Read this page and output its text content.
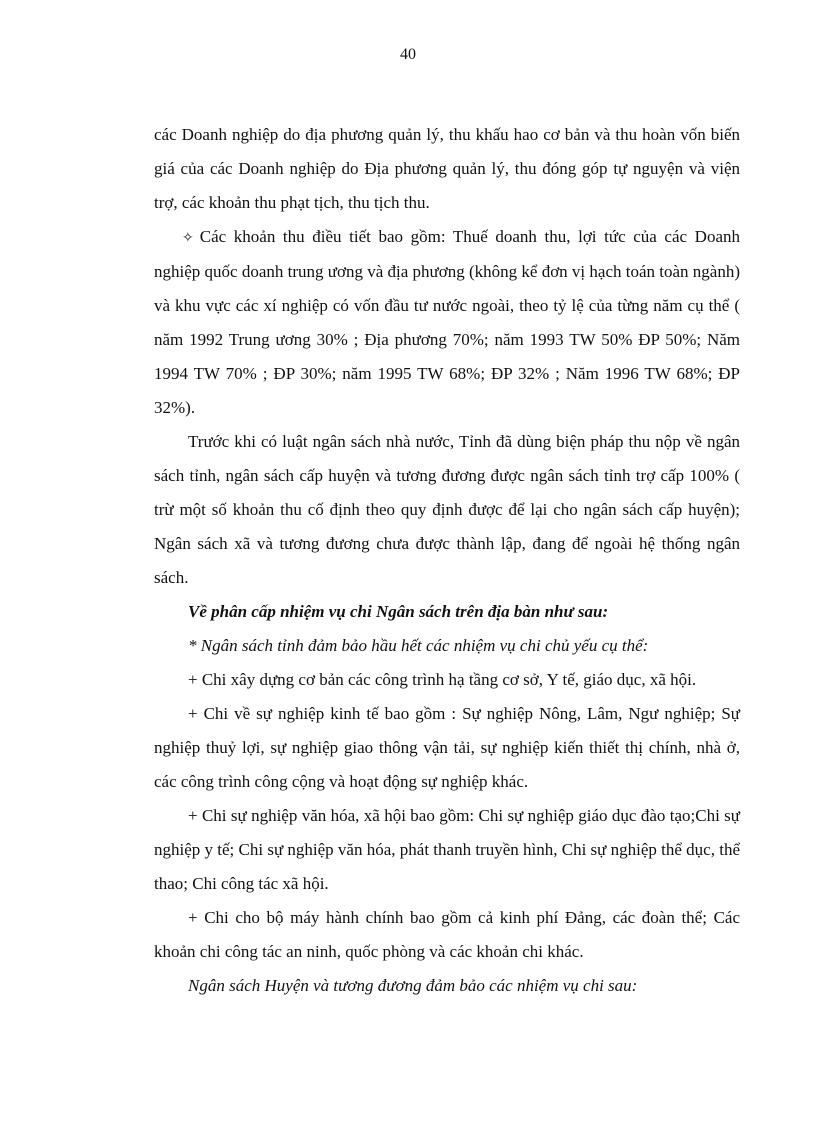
40

các Doanh nghiệp do địa phương quản lý, thu khấu hao cơ bản và thu hoàn vốn biến giá của các Doanh nghiệp do Địa phương quản lý, thu đóng góp tự nguyện và viện trợ, các khoản thu phạt tịch, thu tịch thu.

✧ Các khoản thu điều tiết bao gồm: Thuế doanh thu, lợi tức của các Doanh nghiệp quốc doanh trung ương và địa phương (không kể đơn vị hạch toán toàn ngành) và khu vực các xí nghiệp có vốn đầu tư nước ngoài, theo tỷ lệ của từng năm cụ thể ( năm 1992 Trung ương 30% ; Địa phương 70%; năm 1993 TW 50% ĐP 50%; Năm 1994 TW 70% ; ĐP 30%; năm 1995 TW 68%; ĐP 32% ; Năm 1996 TW 68%; ĐP 32%).

Trước khi có luật ngân sách nhà nước, Tỉnh đã dùng biện pháp thu nộp về ngân sách tỉnh, ngân sách cấp huyện và tương đương được ngân sách tỉnh trợ cấp 100% ( trừ một số khoản thu cố định theo quy định được để lại cho ngân sách cấp huyện); Ngân sách xã và tương đương chưa được thành lập, đang để ngoài hệ thống ngân sách.

Về phân cấp nhiệm vụ chi Ngân sách trên địa bàn như sau:

* Ngân sách tỉnh đảm bảo hầu hết các nhiệm vụ chi chủ yếu cụ thể:

+ Chi xây dựng cơ bản các công trình hạ tầng cơ sở, Y tế, giáo dục, xã hội.

+ Chi về sự nghiệp kinh tế bao gồm : Sự nghiệp Nông, Lâm, Ngư nghiệp; Sự nghiệp thuỷ lợi, sự nghiệp giao thông vận tải, sự nghiệp kiến thiết thị chính, nhà ở, các công trình công cộng và hoạt động sự nghiệp khác.

+ Chi sự nghiệp văn hóa, xã hội bao gồm: Chi sự nghiệp giáo dục đào tạo;Chi sự nghiệp y tế; Chi sự nghiệp văn hóa, phát thanh truyền hình, Chi sự nghiệp thể dục, thể thao; Chi công tác xã hội.

+ Chi cho bộ máy hành chính bao gồm cả kinh phí Đảng, các đoàn thể; Các khoản chi công tác an ninh, quốc phòng và các khoản chi khác.

Ngân sách Huyện và tương đương đảm bảo các nhiệm vụ chi sau:
